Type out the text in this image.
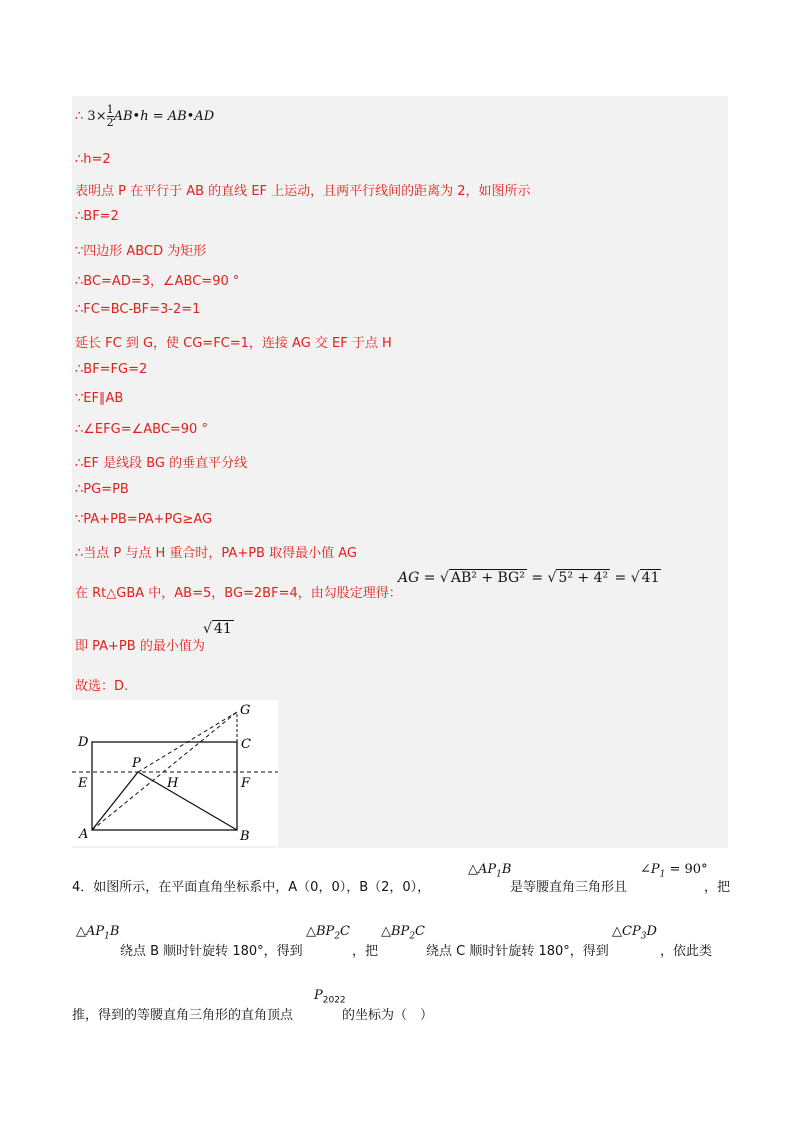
∴ $3\times \frac{1}{2}$ AB•h = AB•AD
∴h=2
表明点 P 在平行于 AB 的直线 EF 上运动，且两平行线间的距离为 2，如图所示
∴BF=2
∵四边形 ABCD 为矩形
∴BC=AD=3，∠ABC=90 °
∴FC=BC-BF=3-2=1
延长 FC 到 G，使 CG=FC=1，连接 AG 交 EF 于点 H
∴BF=FG=2
∵EF∥AB
∴∠EFG=∠ABC=90 °
∴EF 是线段 BG 的垂直平分线
∴PG=PB
∵PA+PB=PA+PG≥AG
∴当点 P 与点 H 重合时，PA+PB 取得最小值 AG
在 Rt△GBA 中，AB=5，BG=2BF=4，由勾股定理得：
AG = √ AB² + BG² = √ 5² + 4² = √ 41
即 PA+PB 的最小值为
√ 41
故选：D.
G
D	C
P
E	H	F
A	B
4．如图所示，在平面直角坐标系中，A（0，0），B（2，0），
$\triangle AP_1B$
是等腰直角三角形且
$\angle P_1 = 90^\circ$
，把
$\triangle AP_1B$
绕点 B 顺时针旋转 180°，得到
$\triangle BP_2C$
，把
$\triangle BP_2C$
绕点 C 顺时针旋转 180°，得到
$\triangle CP_3D$
，依此类
推，得到的等腰直角三角形的直角顶点
$P_{2022}$
的坐标为（　）
